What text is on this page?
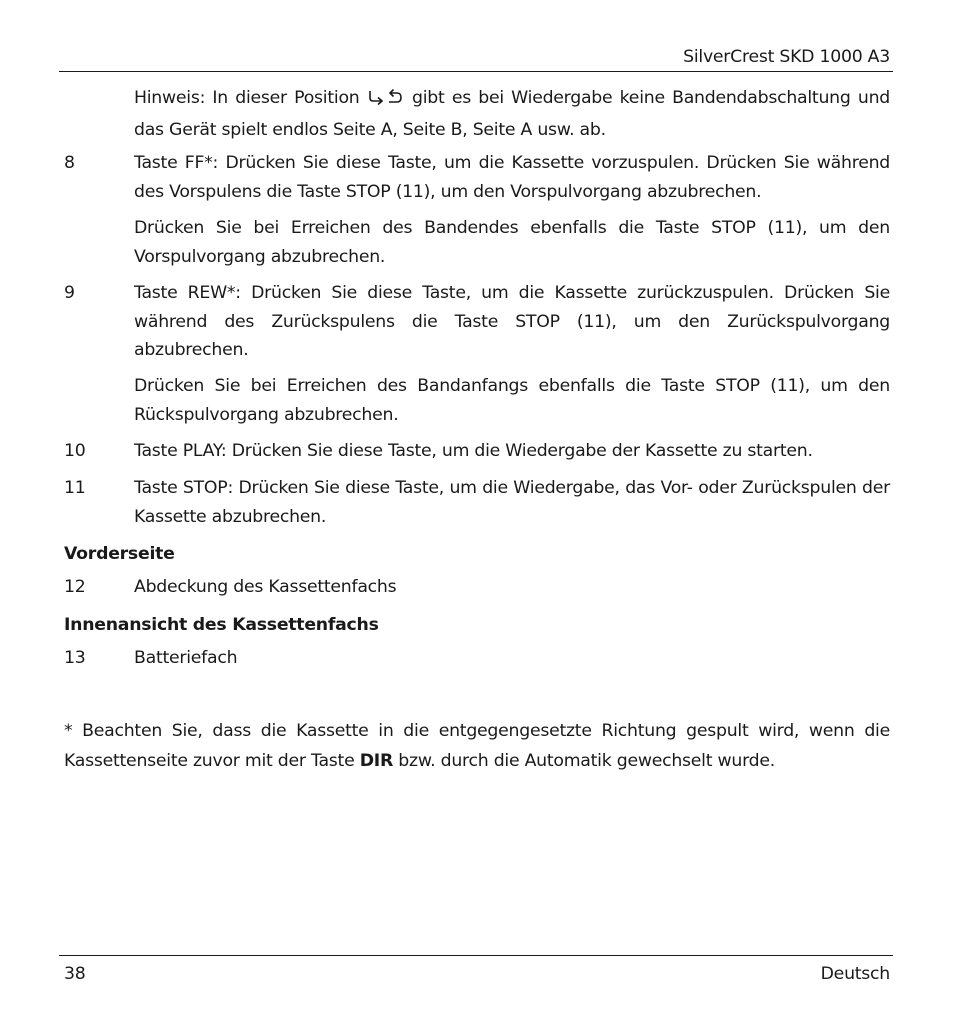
SilverCrest SKD 1000 A3
Hinweis: In dieser Position  gibt es bei Wiedergabe keine Bandendabschaltung und das Gerät spielt endlos Seite A, Seite B, Seite A usw. ab.
8	Taste FF*: Drücken Sie diese Taste, um die Kassette vorzuspulen. Drücken Sie während des Vorspulens die Taste STOP (11), um den Vorspulvorgang abzubrechen.
Drücken Sie bei Erreichen des Bandendes ebenfalls die Taste STOP (11), um den Vorspulvorgang abzubrechen.
9	Taste REW*: Drücken Sie diese Taste, um die Kassette zurückzuspulen. Drücken Sie während des Zurückspulens die Taste STOP (11), um den Zurückspulvorgang abzubrechen.
Drücken Sie bei Erreichen des Bandanfangs ebenfalls die Taste STOP (11), um den Rückspulvorgang abzubrechen.
10	Taste PLAY: Drücken Sie diese Taste, um die Wiedergabe der Kassette zu starten.
11	Taste STOP: Drücken Sie diese Taste, um die Wiedergabe, das Vor- oder Zurückspulen der Kassette abzubrechen.
Vorderseite
12	Abdeckung des Kassettenfachs
Innenansicht des Kassettenfachs
13	Batteriefach
* Beachten Sie, dass die Kassette in die entgegengesetzte Richtung gespult wird, wenn die Kassettenseite zuvor mit der Taste DIR bzw. durch die Automatik gewechselt wurde.
38	Deutsch
